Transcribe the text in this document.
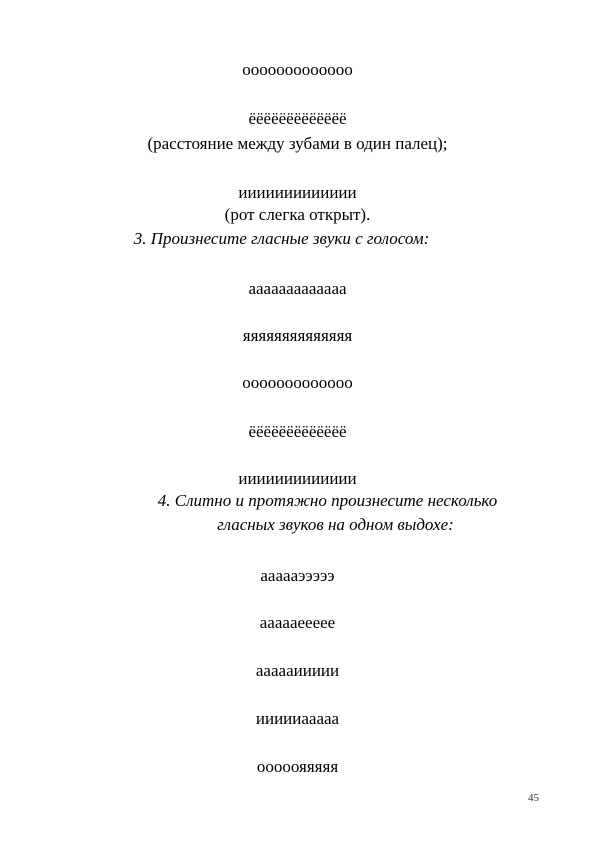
ооооооооооооо
ёёёёёёёёёёёёё
(расстояние между зубами в один палец);
иииииииииииии
(рот слегка открыт).
3. Произнесите гласные звуки с голосом:
ааааааааааааа
яяяяяяяяяяяяяя
ооооооооооооо
ёёёёёёёёёёёёё
иииииииииииии
4. Слитно и протяжно произнесите несколько
гласных звуков на одном выдохе:
аааааэээээ
аааааеееее
ааааaиииии
иииииааааа
ооооояяяяя
45
